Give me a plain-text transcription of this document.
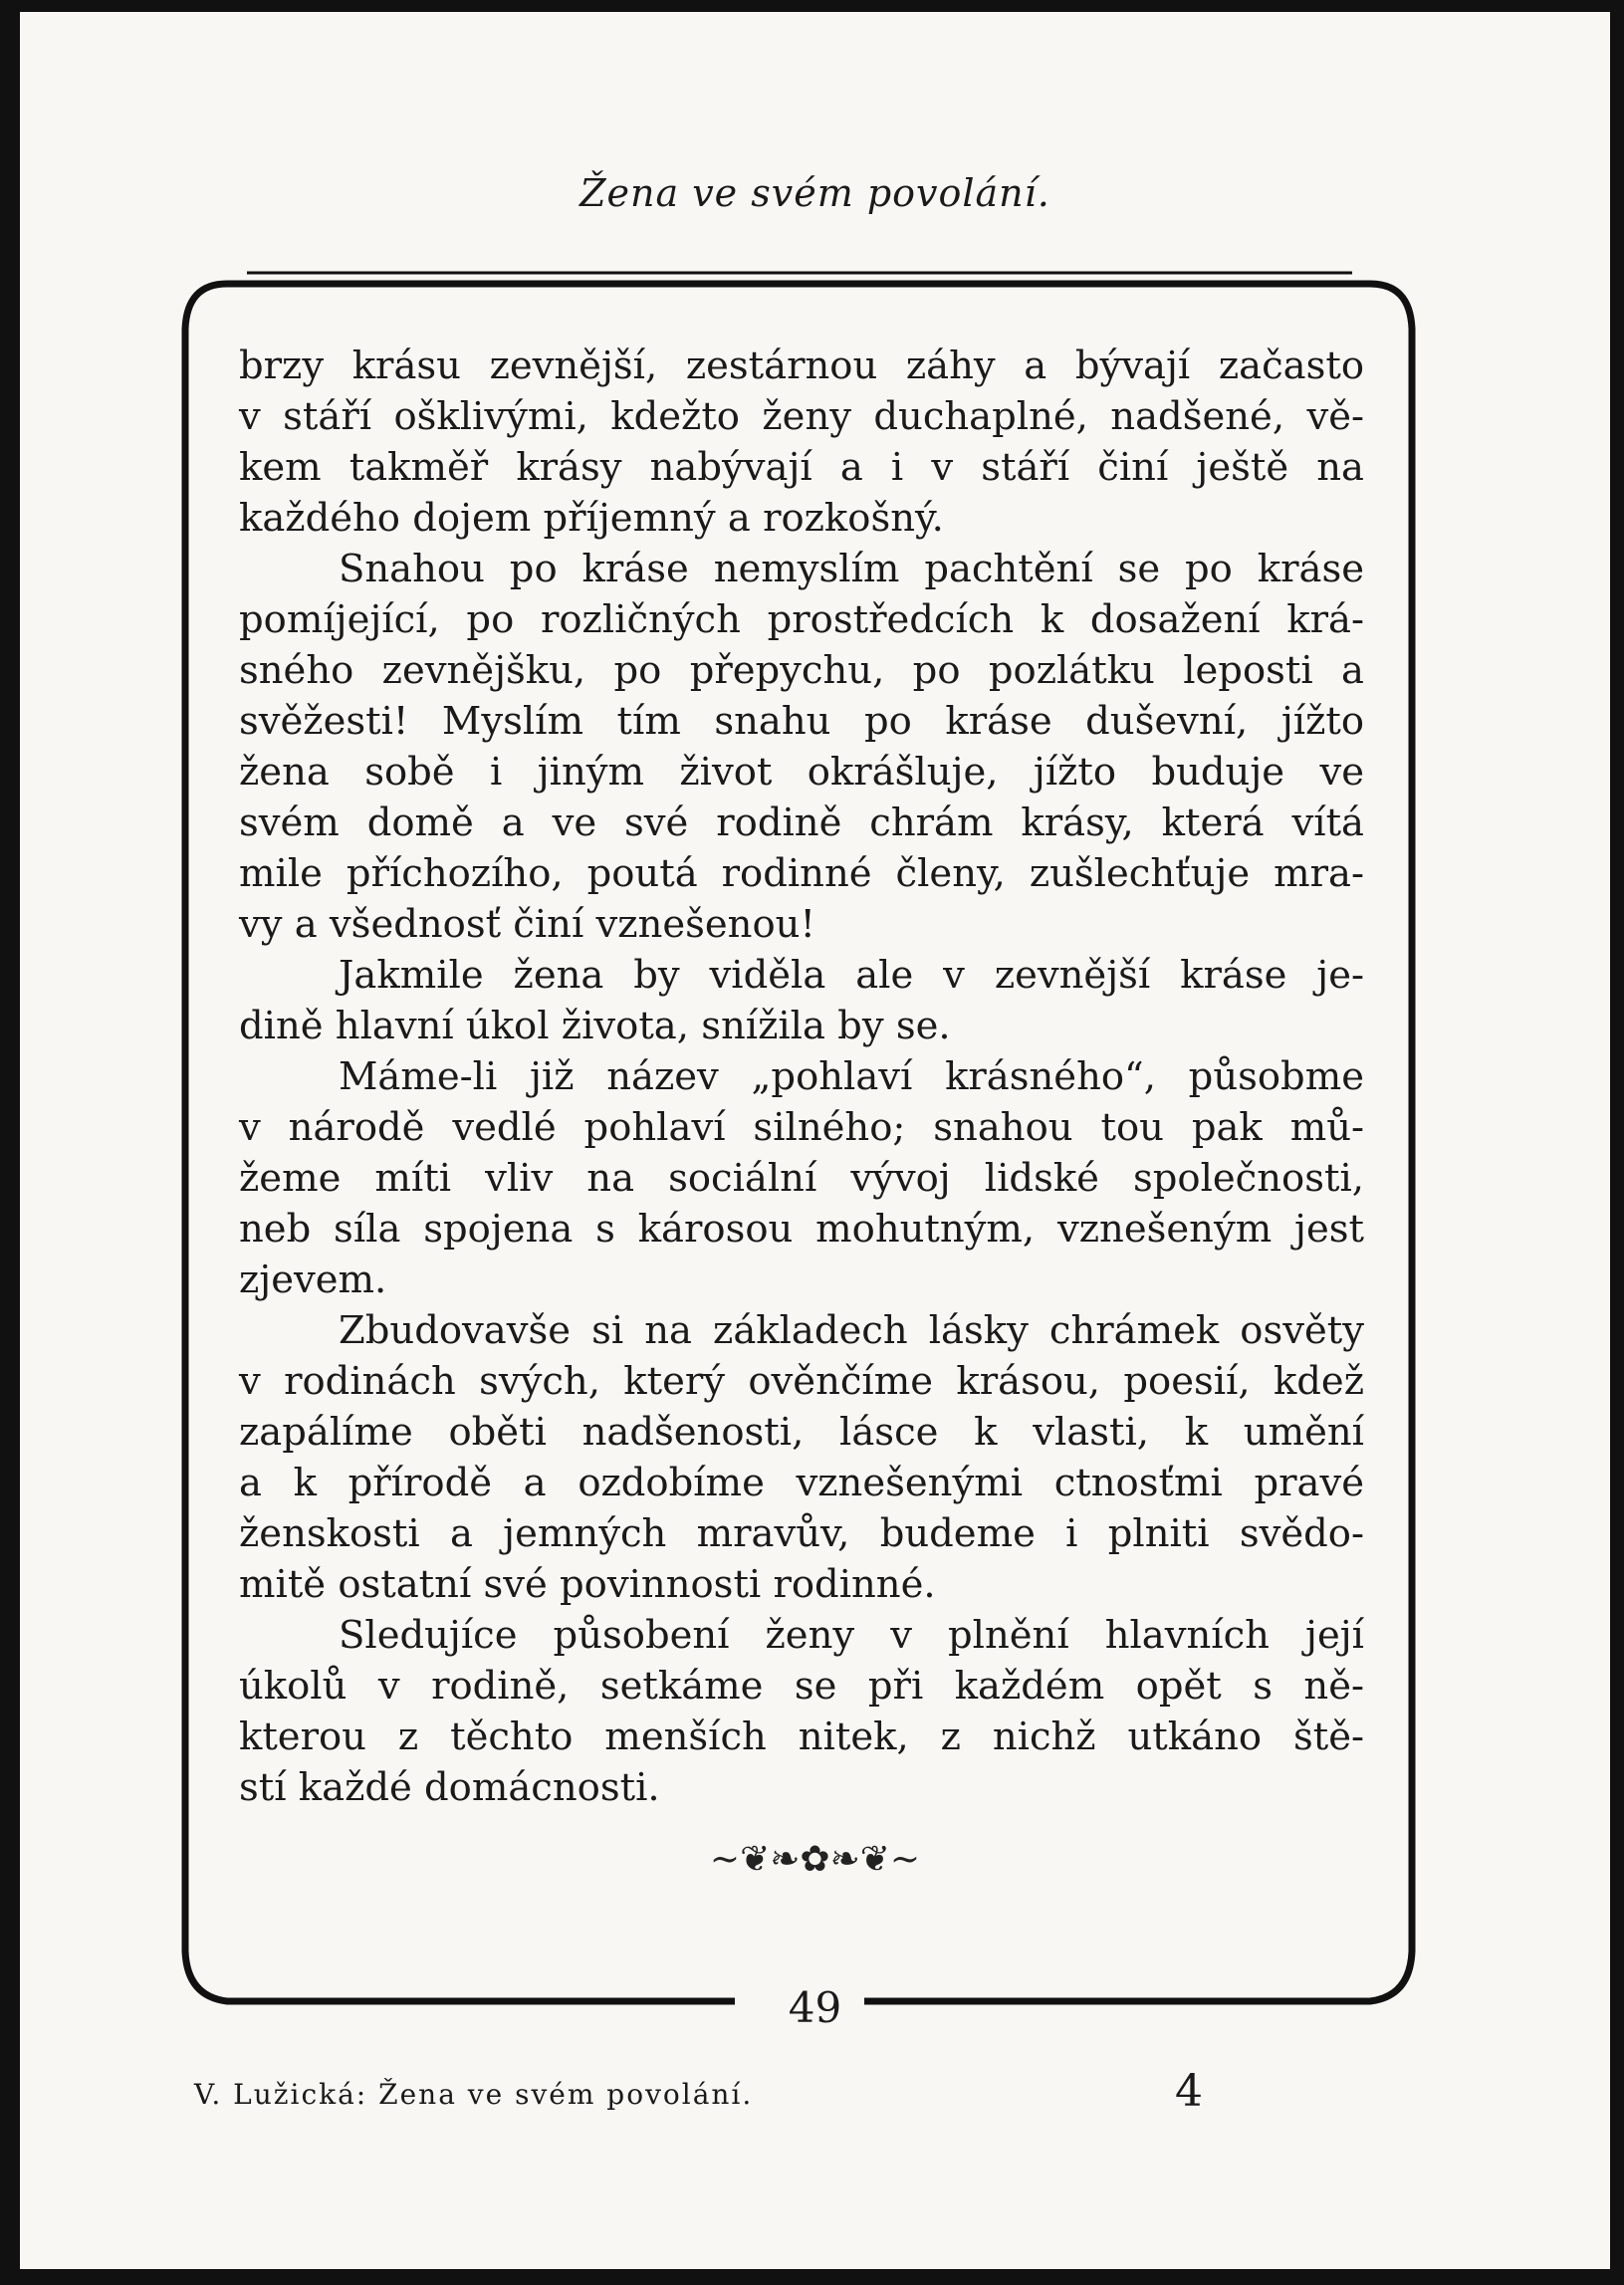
Žena ve svém povolání.
brzy krásu zevnější, zestárnou záhy a bývají začasto
v stáří ošklivými, kdežto ženy duchaplné, nadšené, vě-
kem takměř krásy nabývají a i v stáří činí ještě na
každého dojem příjemný a rozkošný.
Snahou po kráse nemyslím pachtění se po kráse
pomíjející, po rozličných prostředcích k dosažení krá-
sného zevnějšku, po přepychu, po pozlátku leposti a
svěžesti! Myslím tím snahu po kráse duševní, jížto
žena sobě i jiným život okrášluje, jížto buduje ve
svém domě a ve své rodině chrám krásy, která vítá
mile příchozího, poutá rodinné členy, zušlechťuje mra-
vy a všednosť činí vznešenou!
Jakmile žena by viděla ale v zevnější kráse je-
dině hlavní úkol života, snížila by se.
Máme-li již název „pohlaví krásného“, působme
v národě vedlé pohlaví silného; snahou tou pak mů-
žeme míti vliv na sociální vývoj lidské společnosti,
neb síla spojena s károsou mohutným, vznešeným jest
zjevem.
Zbudovavše si na základech lásky chrámek osvěty
v rodinách svých, který ověnčíme krásou, poesií, kdež
zapálíme oběti nadšenosti, lásce k vlasti, k umění
a k přírodě a ozdobíme vznešenými ctnosťmi pravé
ženskosti a jemných mravův, budeme i plniti svědo-
mitě ostatní své povinnosti rodinné.
Sledujíce působení ženy v plnění hlavních její
úkolů v rodině, setkáme se při každém opět s ně-
kterou z těchto menších nitek, z nichž utkáno ště-
stí každé domácnosti.
~❦❧✿❧❦~
49
V. Lužická: Žena ve svém povolání.	4
